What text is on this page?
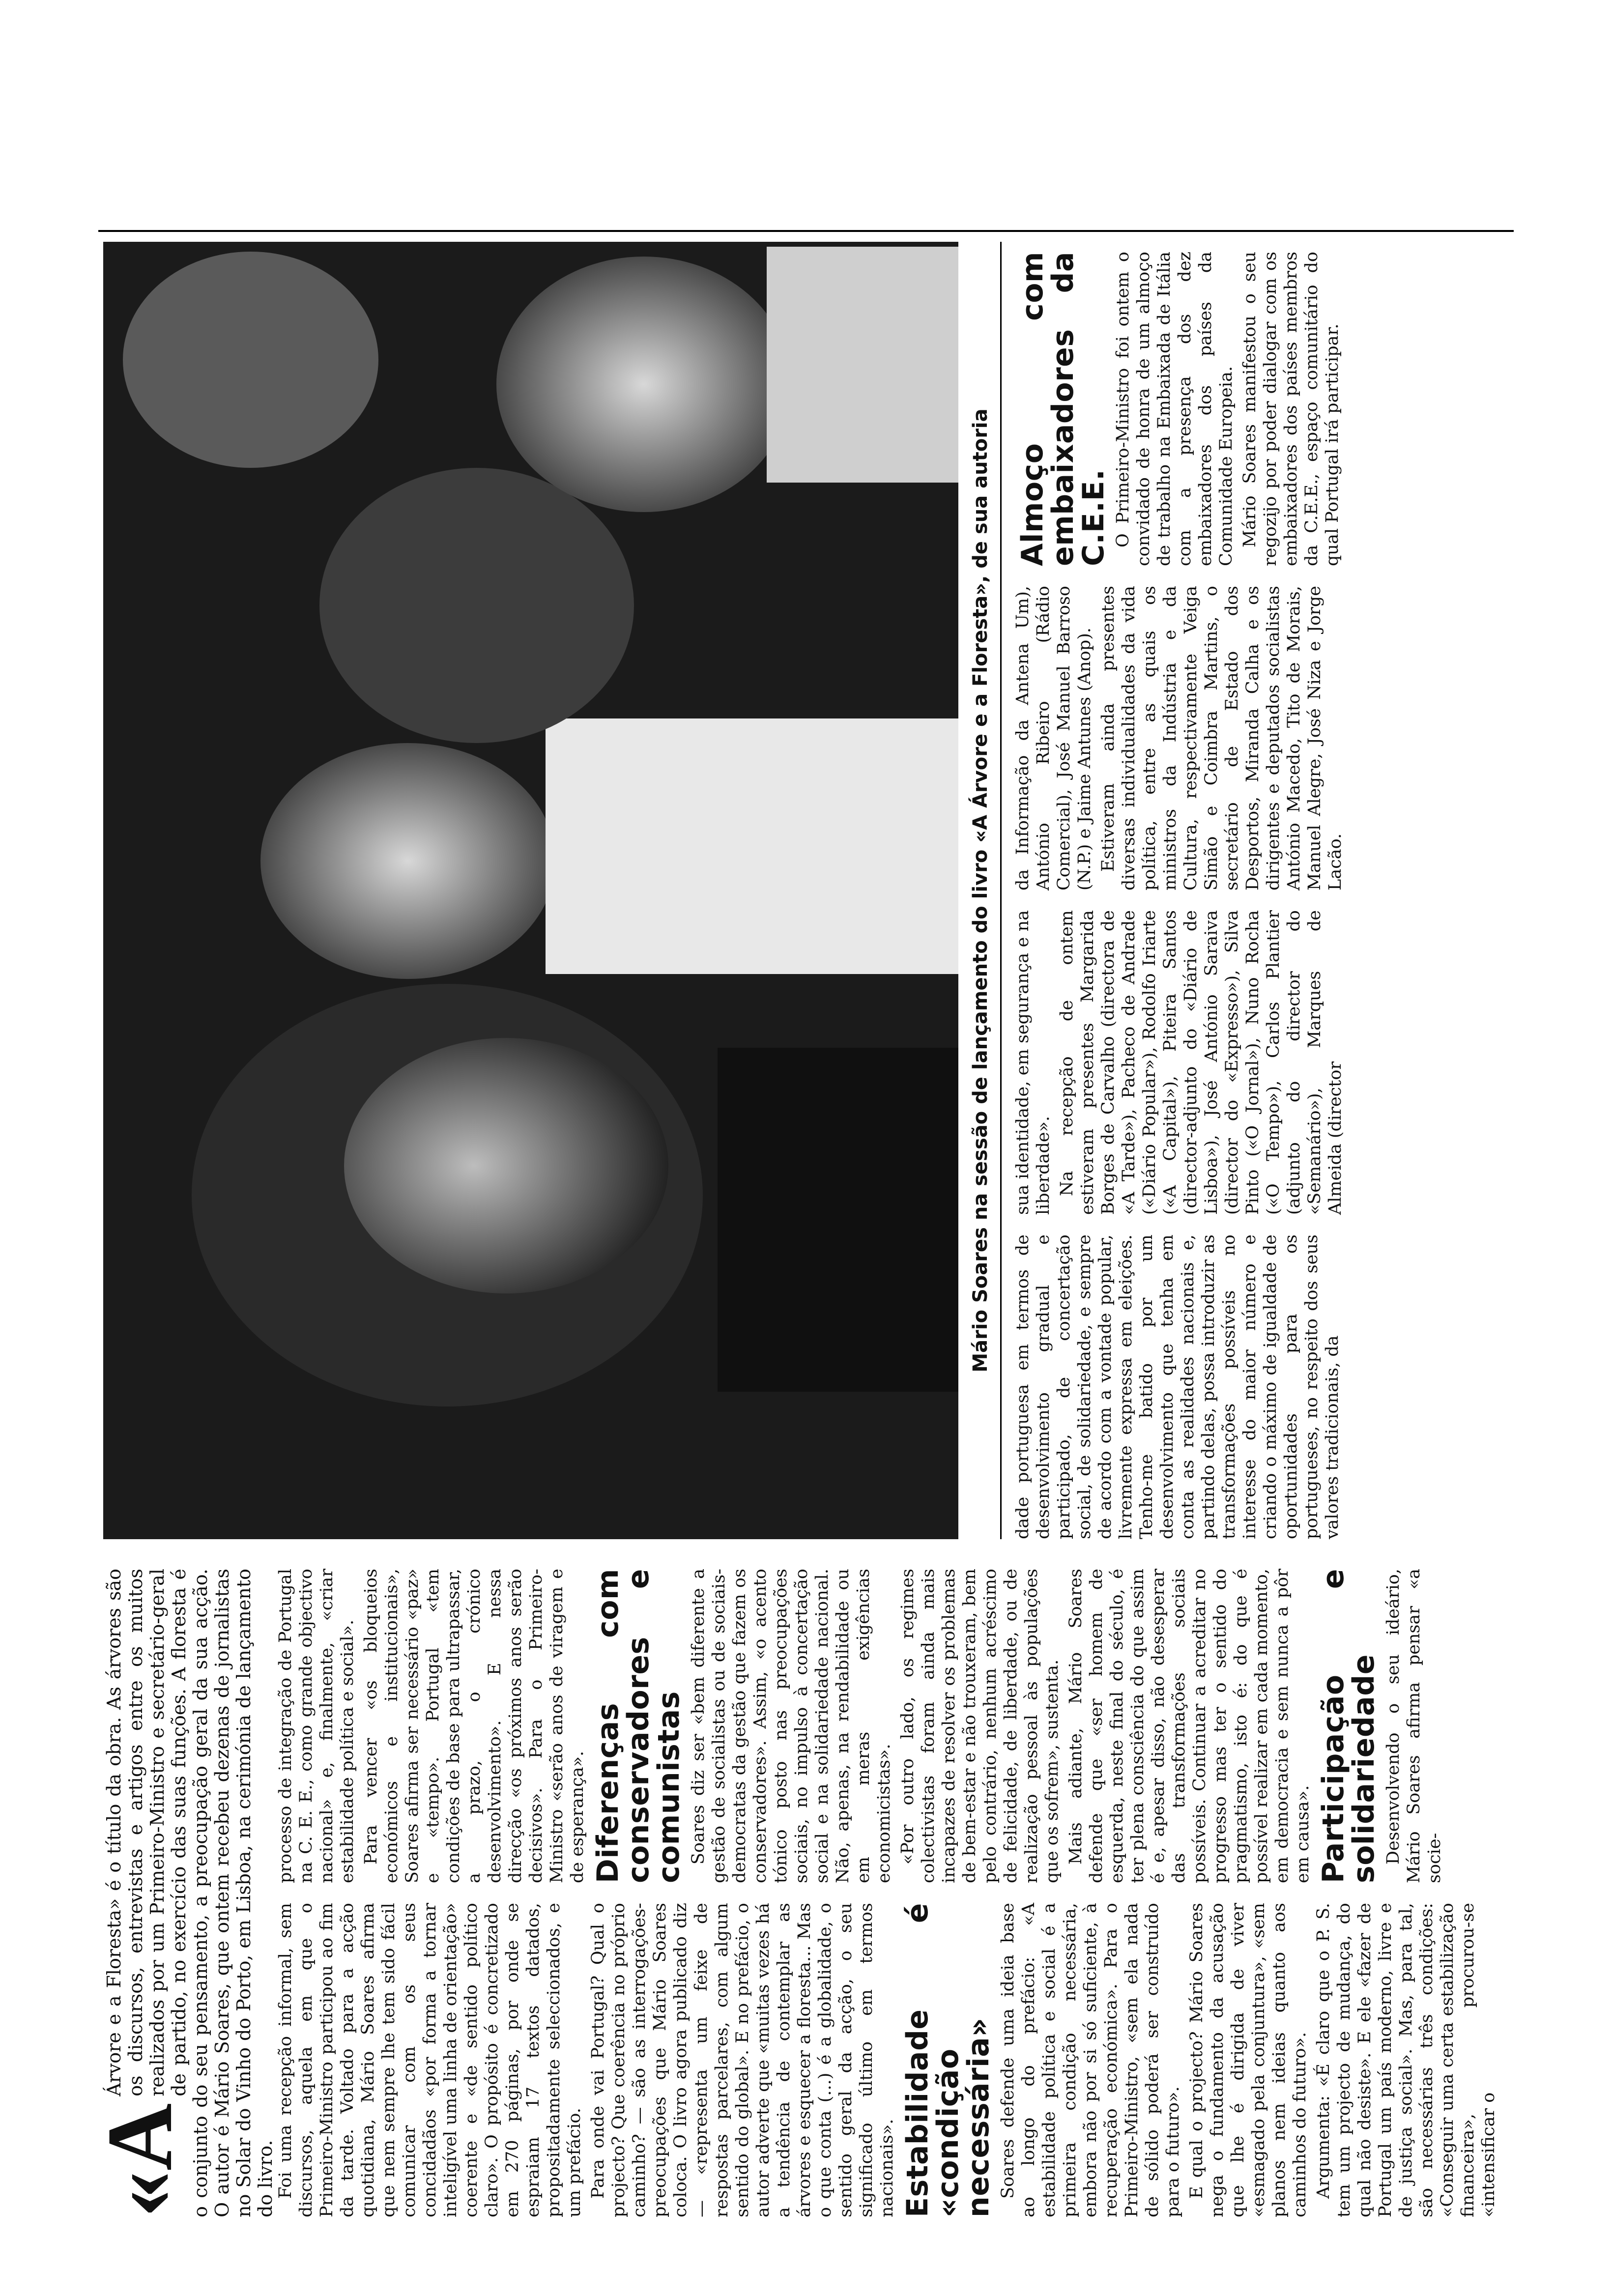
«A
Árvore e a Floresta» é o título da obra. As árvores são os discursos, entrevistas e artigos entre os muitos realizados por um Primeiro-Ministro e secretário-geral de partido, no exercício das suas funções. A floresta é o conjunto do seu pensamento, a preocupação geral da sua acção. O autor é Mário Soares, que ontem recebeu dezenas de jornalistas no Solar do Vinho do Porto, em Lisboa, na cerimónia de lançamento do livro. Foi uma recepção informal, sem discursos, aquela em que o Primeiro-Ministro participou ao fim da tarde. Voltado para a acção quotidiana, Mário Soares afirma que nem sempre lhe tem sido fácil comunicar com os seus concidadãos «por forma a tornar inteligível uma linha de orientação» coerente e «de sentido político claro». O propósito é concretizado em 270 páginas, por onde se espraiam 17 textos datados, propositadamente seleccionados, e um prefácio. Para onde vai Portugal? Qual o projecto? Que coerência no próprio caminho? — são as interrogações-preocupações que Mário Soares coloca. O livro agora publicado diz — «representa um feixe de respostas parcelares, com algum sentido do global». E no prefácio, o autor adverte que «muitas vezes há a tendência de contemplar as árvores e esquecer a floresta... Mas o que conta (...) é a globalidade, o sentido geral da acção, o seu significado último em termos nacionais». Estabilidade é «condição necessária» Soares defende uma ideia base ao longo do prefácio: «A estabilidade política e social é a primeira condição necessária, embora não por si só suficiente, à recuperação económica». Para o Primeiro-Ministro, «sem ela nada de sólido poderá ser construído para o futuro». E qual o projecto? Mário Soares nega o fundamento da acusação que lhe é dirigida de viver «esmagado pela conjuntura», «sem planos nem ideias quanto aos caminhos do futuro». Argumenta: «É claro que o P. S. tem um projecto de mudança, do qual não desiste». E ele «fazer de Portugal um país moderno, livre e de justiça social». Mas, para tal, são necessárias três condições: «Conseguir uma certa estabilização financeira», procurou-se «intensificar o

processo de integração de Portugal na C. E. E., como grande objectivo nacional» e, finalmente, «criar estabilidade política e social». Para vencer «os bloqueios económicos e institucionais», Soares afirma ser necessário «paz» e «tempo». Portugal «tem condições de base para ultrapassar, a prazo, o crónico desenvolvimento». E nessa direcção «os próximos anos serão decisivos». Para o Primeiro-Ministro «serão anos de viragem e de esperança». Diferenças com conservadores e comunistas Soares diz ser «bem diferente a gestão de socialistas ou de sociais-democratas da gestão que fazem os conservadores». Assim, «o acento tónico posto nas preocupações sociais, no impulso à concertação social e na solidariedade nacional. Não, apenas, na rendabilidade ou em meras exigências economicistas». «Por outro lado, os regimes colectivistas foram ainda mais incapazes de resolver os problemas de bem-estar e não trouxeram, bem pelo contrário, nenhum acréscimo de felicidade, de liberdade, ou de realização pessoal às populações que os sofrem», sustenta. Mais adiante, Mário Soares defende que «ser homem de esquerda, neste final do século, é ter plena consciência do que assim é e, apesar disso, não desesperar das transformações sociais possíveis. Continuar a acreditar no progresso mas ter o sentido do pragmatismo, isto é: do que é possível realizar em cada momento, em democracia e sem nunca a pôr em causa». Participação e solidariedade Desenvolvendo o seu ideário, Mário Soares afirma pensar «a socie-

Mário Soares na sessão de lançamento do livro «A Árvore e a Floresta», de sua autoria

dade portuguesa em termos de desenvolvimento gradual e participado, de concertação social, de solidariedade, e sempre de acordo com a vontade popular, livremente expressa em eleições. Tenho-me batido por um desenvolvimento que tenha em conta as realidades nacionais e, partindo delas, possa introduzir as transformações possíveis no interesse do maior número e criando o máximo de igualdade de oportunidades para os portugueses, no respeito dos seus valores tradicionais, da

sua identidade, em segurança e na liberdade». Na recepção de ontem estiveram presentes Margarida Borges de Carvalho (directora de «A Tarde»), Pacheco de Andrade («Diário Popular»), Rodolfo Iriarte («A Capital»), Piteira Santos (director-adjunto do «Diário de Lisboa»), José António Saraiva (director do «Expresso»), Silva Pinto («O Jornal»), Nuno Rocha («O Tempo»), Carlos Plantier (adjunto do director do «Semanário»), Marques de Almeida (director

da Informação da Antena Um), António Ribeiro (Rádio Comercial), José Manuel Barroso (N.P.) e Jaime Antunes (Anop). Estiveram ainda presentes diversas individualidades da vida política, entre as quais os ministros da Indústria e da Cultura, respectivamente Veiga Simão e Coimbra Martins, o secretário de Estado dos Desportos, Miranda Calha e os dirigentes e deputados socialistas António Macedo, Tito de Morais, Manuel Alegre, José Niza e Jorge Lacão.

Almoço com embaixadores da C.E.E. O Primeiro-Ministro foi ontem o convidado de honra de um almoço de trabalho na Embaixada de Itália com a presença dos dez embaixadores dos países da Comunidade Europeia. Mário Soares manifestou o seu regozijo por poder dialogar com os embaixadores dos países membros da C.E.E., espaço comunitário do qual Portugal irá participar.
